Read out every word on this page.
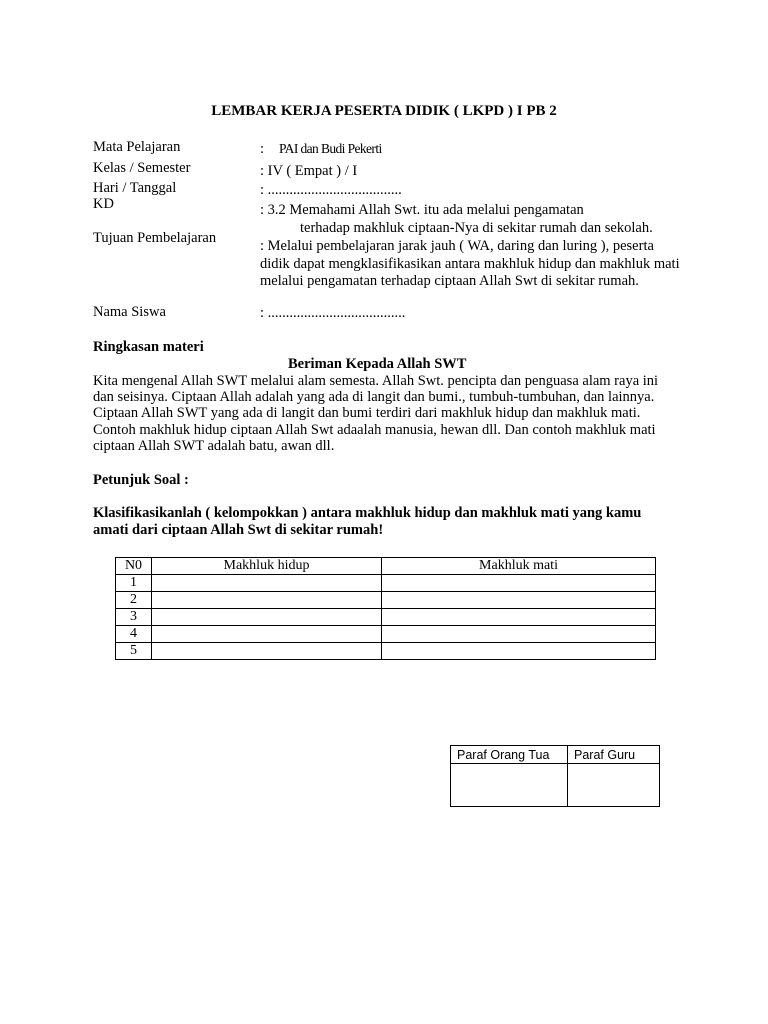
LEMBAR KERJA PESERTA DIDIK ( LKPD ) I PB 2
Mata Pelajaran	: PAI dan Budi Pekerti
Kelas / Semester	: IV ( Empat ) / I
Hari / Tanggal	: .....................................
KD	: 3.2 Memahami Allah Swt. itu ada melalui pengamatan
terhadap makhluk ciptaan-Nya di sekitar rumah dan sekolah.
Tujuan Pembelajaran	: Melalui pembelajaran jarak jauh ( WA, daring dan luring ), peserta didik dapat mengklasifikasikan antara makhluk hidup dan makhluk mati melalui pengamatan terhadap ciptaan Allah Swt di sekitar rumah.
Nama Siswa	: ......................................
Ringkasan materi
Beriman Kepada Allah SWT
Kita mengenal Allah SWT melalui alam semesta. Allah Swt. pencipta dan penguasa alam raya ini dan seisinya. Ciptaan Allah adalah yang ada di langit dan bumi., tumbuh-tumbuhan, dan lainnya. Ciptaan Allah SWT yang ada di langit dan bumi terdiri dari makhluk hidup dan makhluk mati. Contoh makhluk hidup ciptaan Allah Swt adaalah manusia, hewan dll. Dan contoh makhluk mati ciptaan Allah SWT adalah batu, awan dll.
Petunjuk Soal :
Klasifikasikanlah ( kelompokkan ) antara makhluk hidup dan makhluk mati yang kamu amati dari ciptaan Allah Swt di sekitar rumah!
N0	Makhluk hidup	Makhluk mati
1		
2		
3		
4		
5		
Paraf Orang Tua	Paraf Guru
